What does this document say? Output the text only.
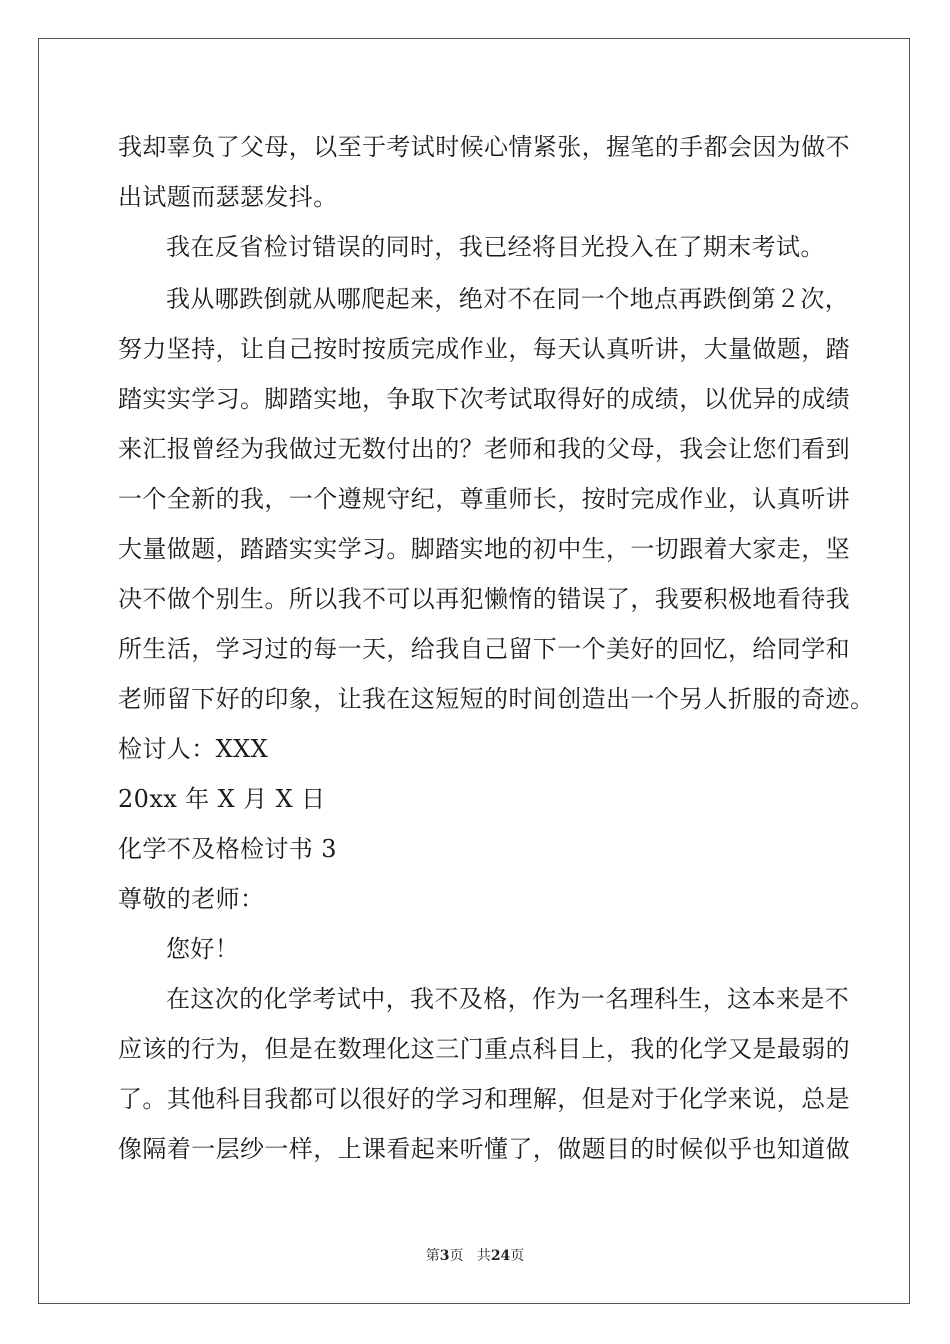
我却辜负了父母，以至于考试时候心情紧张，握笔的手都会因为做不
出试题而瑟瑟发抖。
我在反省检讨错误的同时，我已经将目光投入在了期末考试。
我从哪跌倒就从哪爬起来，绝对不在同一个地点再跌倒第２次，
努力坚持，让自己按时按质完成作业，每天认真听讲，大量做题，踏
踏实实学习。脚踏实地，争取下次考试取得好的成绩，以优异的成绩
来汇报曾经为我做过无数付出的？老师和我的父母，我会让您们看到
一个全新的我，一个遵规守纪，尊重师长，按时完成作业，认真听讲
大量做题，踏踏实实学习。脚踏实地的初中生，一切跟着大家走，坚
决不做个别生。所以我不可以再犯懒惰的错误了，我要积极地看待我
所生活，学习过的每一天，给我自己留下一个美好的回忆，给同学和
老师留下好的印象，让我在这短短的时间创造出一个另人折服的奇迹。
检讨人：XXX
20xx 年 X 月 X 日
化学不及格检讨书 3
尊敬的老师：
您好！
在这次的化学考试中，我不及格，作为一名理科生，这本来是不
应该的行为，但是在数理化这三门重点科目上，我的化学又是最弱的
了。其他科目我都可以很好的学习和理解，但是对于化学来说，总是
像隔着一层纱一样，上课看起来听懂了，做题目的时候似乎也知道做
第3页 共24页
